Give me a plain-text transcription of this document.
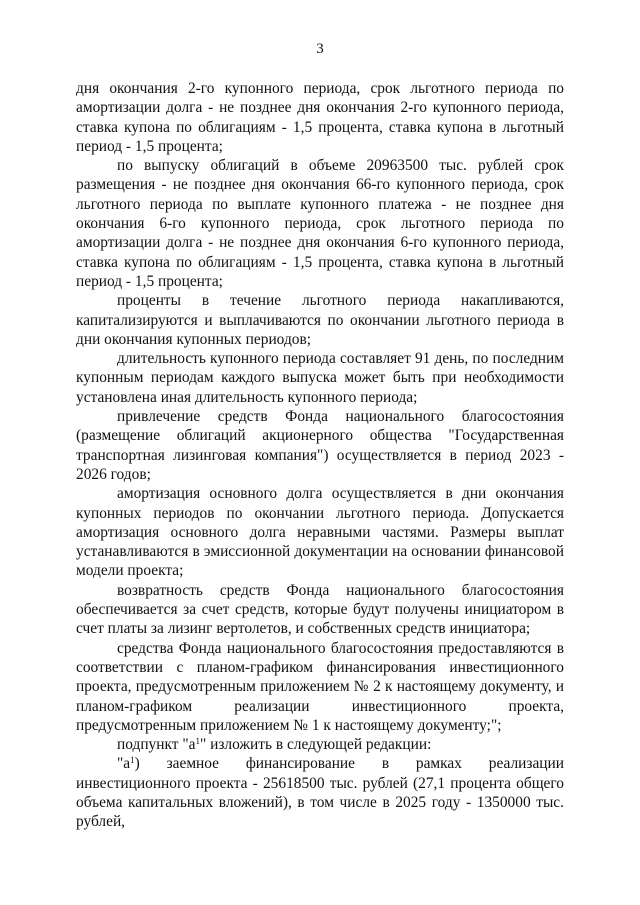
3

дня окончания 2-го купонного периода, срок льготного периода по амортизации долга - не позднее дня окончания 2-го купонного периода, ставка купона по облигациям - 1,5 процента, ставка купона в льготный период - 1,5 процента;

по выпуску облигаций в объеме 20963500 тыс. рублей срок размещения - не позднее дня окончания 66-го купонного периода, срок льготного периода по выплате купонного платежа - не позднее дня окончания 6-го купонного периода, срок льготного периода по амортизации долга - не позднее дня окончания 6-го купонного периода, ставка купона по облигациям - 1,5 процента, ставка купона в льготный период - 1,5 процента;

проценты в течение льготного периода накапливаются, капитализируются и выплачиваются по окончании льготного периода в дни окончания купонных периодов;

длительность купонного периода составляет 91 день, по последним купонным периодам каждого выпуска может быть при необходимости установлена иная длительность купонного периода;

привлечение средств Фонда национального благосостояния (размещение облигаций акционерного общества "Государственная транспортная лизинговая компания") осуществляется в период 2023 - 2026 годов;

амортизация основного долга осуществляется в дни окончания купонных периодов по окончании льготного периода. Допускается амортизация основного долга неравными частями. Размеры выплат устанавливаются в эмиссионной документации на основании финансовой модели проекта;

возвратность средств Фонда национального благосостояния обеспечивается за счет средств, которые будут получены инициатором в счет платы за лизинг вертолетов, и собственных средств инициатора;

средства Фонда национального благосостояния предоставляются в соответствии с планом-графиком финансирования инвестиционного проекта, предусмотренным приложением № 2 к настоящему документу, и планом-графиком реализации инвестиционного проекта, предусмотренным приложением № 1 к настоящему документу;";

подпункт "$а^1$" изложить в следующей редакции:

"$а^1$) заемное финансирование в рамках реализации инвестиционного проекта - 25618500 тыс. рублей (27,1 процента общего объема капитальных вложений), в том числе в 2025 году - 1350000 тыс. рублей,
